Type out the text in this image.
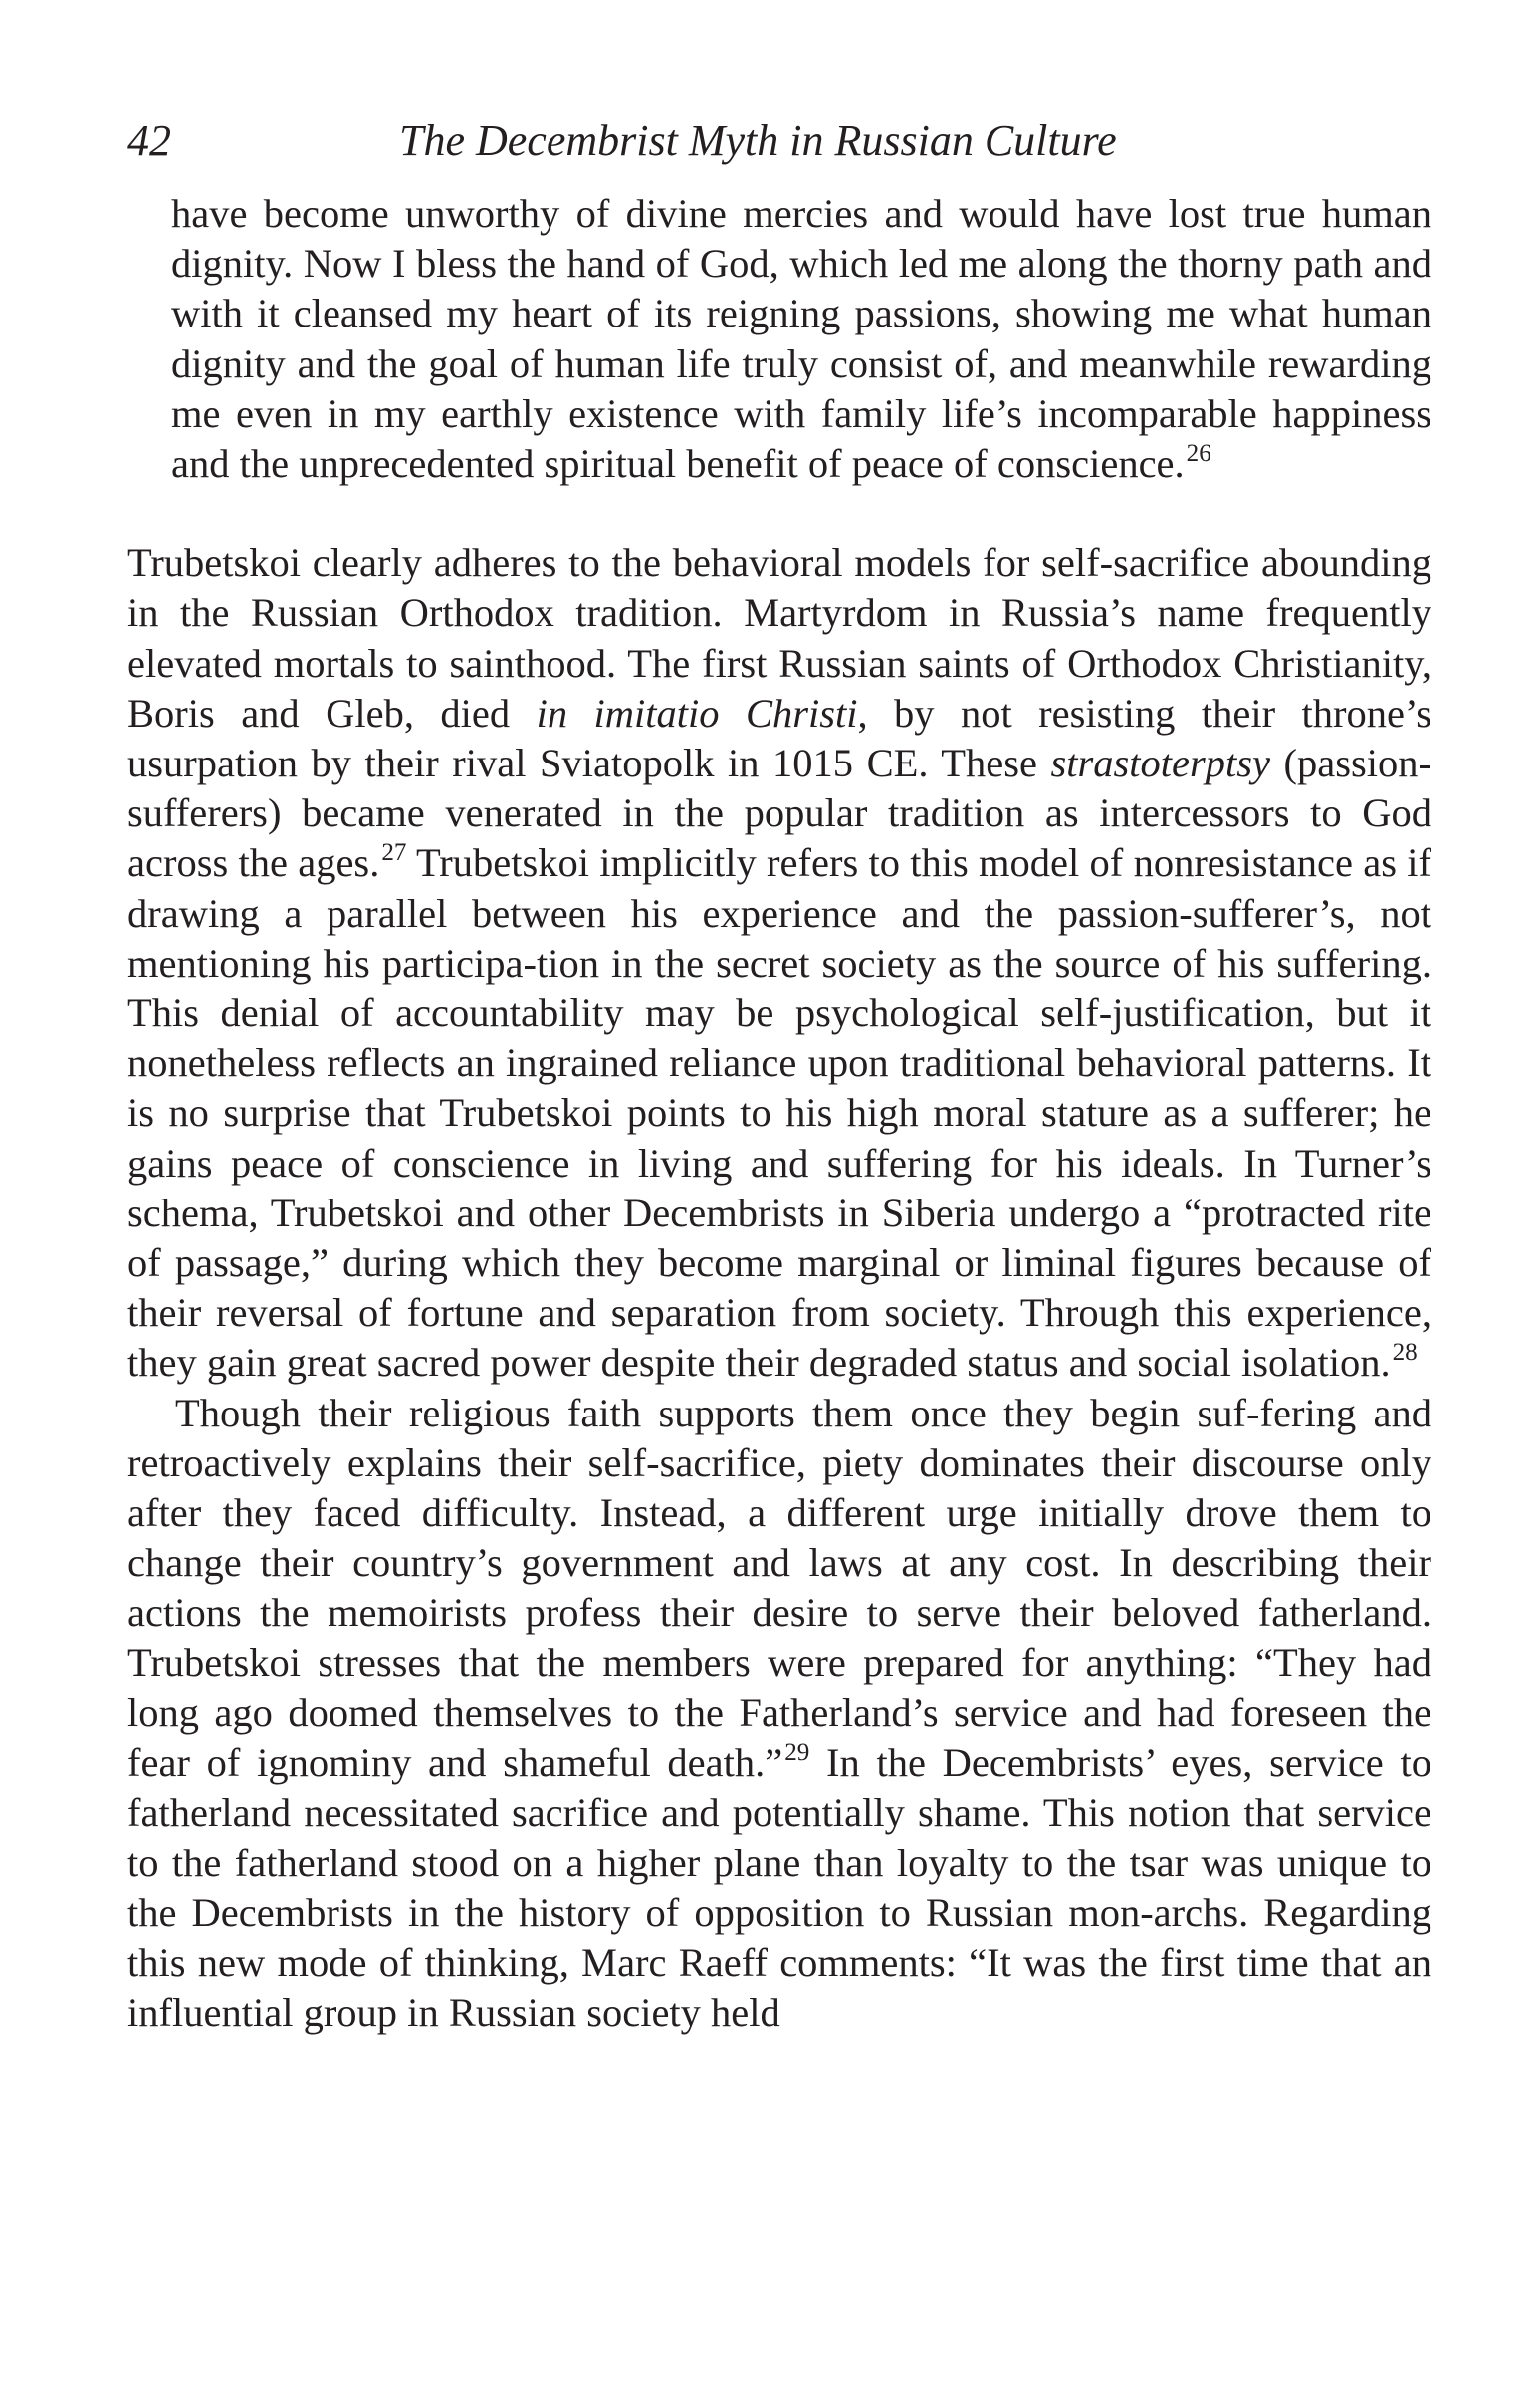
42	The Decembrist Myth in Russian Culture

have become unworthy of divine mercies and would have lost true human dignity. Now I bless the hand of God, which led me along the thorny path and with it cleansed my heart of its reigning passions, showing me what human dignity and the goal of human life truly consist of, and meanwhile rewarding me even in my earthly existence with family life’s incomparable happiness and the unprecedented spiritual benefit of peace of conscience.$^{26}$

Trubetskoi clearly adheres to the behavioral models for self-sacrifice abounding in the Russian Orthodox tradition. Martyrdom in Russia’s name frequently elevated mortals to sainthood. The first Russian saints of Orthodox Christianity, Boris and Gleb, died in imitatio Christi, by not resisting their throne’s usurpation by their rival Sviatopolk in 1015 CE. These strastoterptsy (passion-sufferers) became venerated in the popular tradition as intercessors to God across the ages.$^{27}$ Trubetskoi implicitly refers to this model of nonresistance as if drawing a parallel between his experience and the passion-sufferer’s, not mentioning his participa-tion in the secret society as the source of his suffering. This denial of accountability may be psychological self-justification, but it nonetheless reflects an ingrained reliance upon traditional behavioral patterns. It is no surprise that Trubetskoi points to his high moral stature as a sufferer; he gains peace of conscience in living and suffering for his ideals. In Turner’s schema, Trubetskoi and other Decembrists in Siberia undergo a “protracted rite of passage,” during which they become marginal or liminal figures because of their reversal of fortune and separation from society. Through this experience, they gain great sacred power despite their degraded status and social isolation.$^{28}$

Though their religious faith supports them once they begin suf-fering and retroactively explains their self-sacrifice, piety dominates their discourse only after they faced difficulty. Instead, a different urge initially drove them to change their country’s government and laws at any cost. In describing their actions the memoirists profess their desire to serve their beloved fatherland. Trubetskoi stresses that the members were prepared for anything: “They had long ago doomed themselves to the Fatherland’s service and had foreseen the fear of ignominy and shameful death.”$^{29}$ In the Decembrists’ eyes, service to fatherland necessitated sacrifice and potentially shame. This notion that service to the fatherland stood on a higher plane than loyalty to the tsar was unique to the Decembrists in the history of opposition to Russian mon-archs. Regarding this new mode of thinking, Marc Raeff comments: “It was the first time that an influential group in Russian society held
